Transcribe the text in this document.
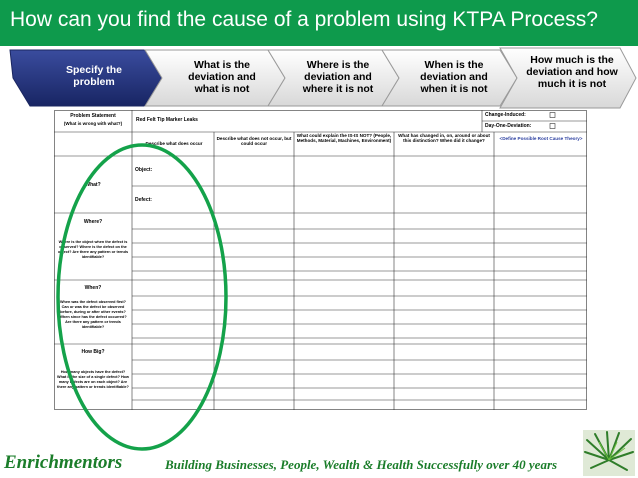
How can you find the cause of a problem using KTPA Process?
Specify the problem
What is the deviation and what is not
Where is the deviation and where it is not
When is the deviation and when it is not
How much is the deviation and how much it is not
Problem Statement
(What is wrong with what?)
Red Felt Tip Marker Leaks
Change-Induced:
Day-One-Deviation:
Describe what does occur
Describe what does not occur, but could occur
What could explain the IS-IS NOT? (People, Methods, Material, Machines, Environment)
What has changed in, on, around or about this distinction? When did it change?	<Define Possible Root Cause Theory>
What?
Object:
Defect:
Where?
Where is the object when the defect is observed? Where is the defect on the object? Are there any pattern or trends identifiable?
When?
When was the defect observed first? Can or was the defect be observed before, during or after other events? When since has the defect occurred? Are there any pattern or trends identifiable?
How Big?
How many objects have the defect? What is the size of a single defect? How many defects are on each object? Are there any pattern or trends identifiable?
Enrichmentors	Building Businesses, People, Wealth & Health Successfully over 40 years
